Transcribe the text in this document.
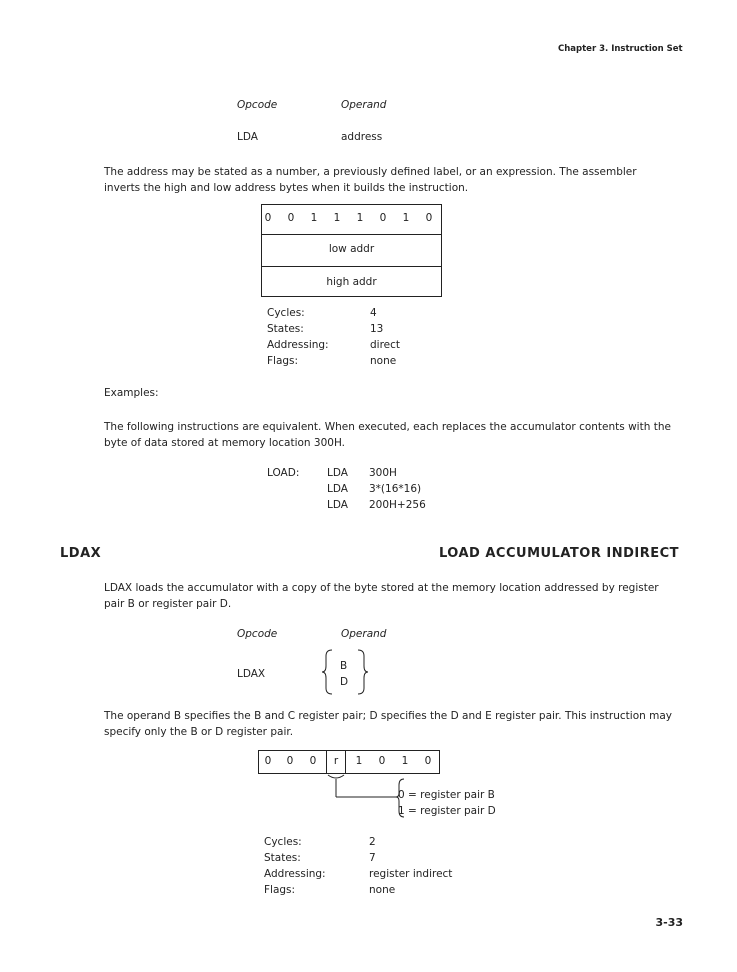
Chapter 3. Instruction Set
Opcode	Operand
LDA	address
The address may be stated as a number, a previously defined label, or an expression. The assembler inverts the high and low address bytes when it builds the instruction.
0	0	1	1	1	0	1	0
low addr
high addr
Cycles:	4
States:	13
Addressing:	direct
Flags:	none
Examples:
The following instructions are equivalent. When executed, each replaces the accumulator contents with the byte of data stored at memory location 300H.
LOAD:	LDA 300H
LDA 3*(16*16)
LDA 200H+256
LDAX	LOAD ACCUMULATOR INDIRECT
LDAX loads the accumulator with a copy of the byte stored at the memory location addressed by register pair B or register pair D.
Opcode	Operand
LDAX
B
D
The operand B specifies the B and C register pair; D specifies the D and E register pair. This instruction may specify only the B or D register pair.
0	0	0	r	1	0	1	0
0 = register pair B
1 = register pair D
Cycles:	2
States:	7
Addressing:	register indirect
Flags:	none
3-33
